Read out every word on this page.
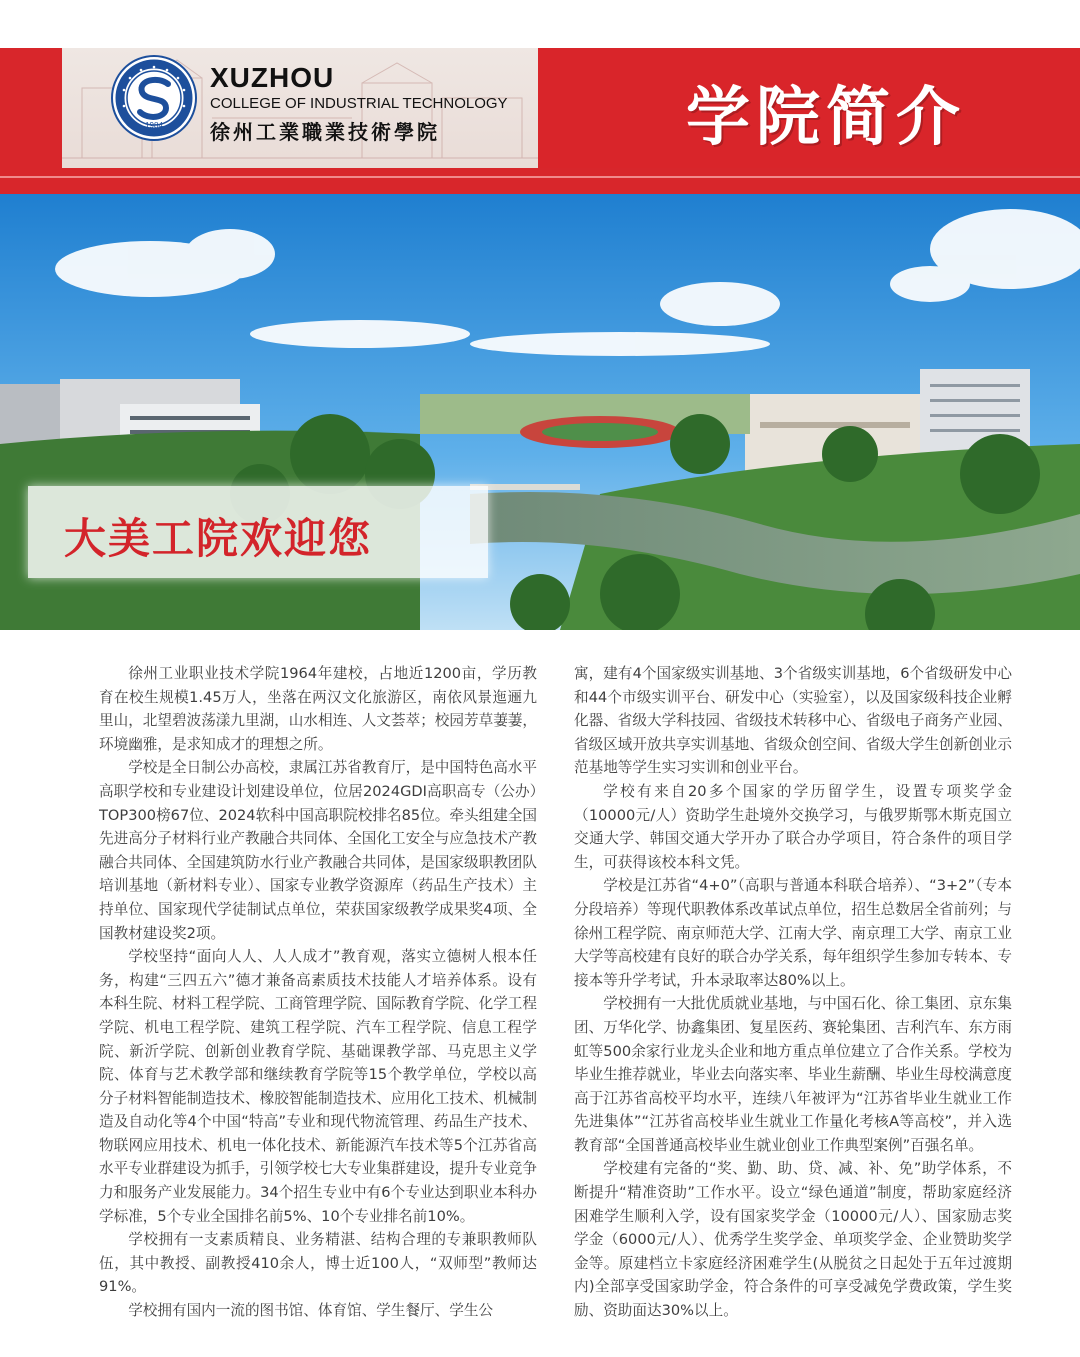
1984
XUZHOU
COLLEGE OF INDUSTRIAL TECHNOLOGY
徐州工業職業技術學院	学院简介
大美工院欢迎您

徐州工业职业技术学院1964年建校，占地近1200亩，学历教育在校生规模1.45万人，坐落在两汉文化旅游区，南依风景迤逦九里山，北望碧波荡漾九里湖，山水相连、人文荟萃；校园芳草萋萋，环境幽雅，是求知成才的理想之所。

学校是全日制公办高校，隶属江苏省教育厅，是中国特色高水平高职学校和专业建设计划建设单位，位居2024GDI高职高专（公办）TOP300榜67位、2024软科中国高职院校排名85位。牵头组建全国先进高分子材料行业产教融合共同体、全国化工安全与应急技术产教融合共同体、全国建筑防水行业产教融合共同体，是国家级职教团队培训基地（新材料专业）、国家专业教学资源库（药品生产技术）主持单位、国家现代学徒制试点单位，荣获国家级教学成果奖4项、全国教材建设奖2项。

学校坚持“面向人人、人人成才”教育观，落实立德树人根本任务，构建“三四五六”德才兼备高素质技术技能人才培养体系。设有本科生院、材料工程学院、工商管理学院、国际教育学院、化学工程学院、机电工程学院、建筑工程学院、汽车工程学院、信息工程学院、新沂学院、创新创业教育学院、基础课教学部、马克思主义学院、体育与艺术教学部和继续教育学院等15个教学单位，学校以高分子材料智能制造技术、橡胶智能制造技术、应用化工技术、机械制造及自动化等4个中国“特高”专业和现代物流管理、药品生产技术、物联网应用技术、机电一体化技术、新能源汽车技术等5个江苏省高水平专业群建设为抓手，引领学校七大专业集群建设，提升专业竞争力和服务产业发展能力。34个招生专业中有6个专业达到职业本科办学标准，5个专业全国排名前5%、10个专业排名前10%。

学校拥有一支素质精良、业务精湛、结构合理的专兼职教师队伍，其中教授、副教授410余人，博士近100人，“双师型”教师达91%。

学校拥有国内一流的图书馆、体育馆、学生餐厅、学生公

寓，建有4个国家级实训基地、3个省级实训基地，6个省级研发中心和44个市级实训平台、研发中心（实验室），以及国家级科技企业孵化器、省级大学科技园、省级技术转移中心、省级电子商务产业园、省级区域开放共享实训基地、省级众创空间、省级大学生创新创业示范基地等学生实习实训和创业平台。

学校有来自20多个国家的学历留学生，设置专项奖学金（10000元/人）资助学生赴境外交换学习，与俄罗斯鄂木斯克国立交通大学、韩国交通大学开办了联合办学项目，符合条件的项目学生，可获得该校本科文凭。

学校是江苏省“4+0”（高职与普通本科联合培养）、“3+2”（专本分段培养）等现代职教体系改革试点单位，招生总数居全省前列；与徐州工程学院、南京师范大学、江南大学、南京理工大学、南京工业大学等高校建有良好的联合办学关系，每年组织学生参加专转本、专接本等升学考试，升本录取率达80%以上。

学校拥有一大批优质就业基地，与中国石化、徐工集团、京东集团、万华化学、协鑫集团、复星医药、赛轮集团、吉利汽车、东方雨虹等500余家行业龙头企业和地方重点单位建立了合作关系。学校为毕业生推荐就业，毕业去向落实率、毕业生薪酬、毕业生母校满意度高于江苏省高校平均水平，连续八年被评为“江苏省毕业生就业工作先进集体”“江苏省高校毕业生就业工作量化考核A等高校”，并入选教育部“全国普通高校毕业生就业创业工作典型案例”百强名单。

学校建有完备的“奖、勤、助、贷、减、补、免”助学体系，不断提升“精准资助”工作水平。设立“绿色通道”制度，帮助家庭经济困难学生顺利入学，设有国家奖学金（10000元/人）、国家励志奖学金（6000元/人）、优秀学生奖学金、单项奖学金、企业赞助奖学金等。原建档立卡家庭经济困难学生(从脱贫之日起处于五年过渡期内)全部享受国家助学金，符合条件的可享受减免学费政策，学生奖励、资助面达30%以上。
